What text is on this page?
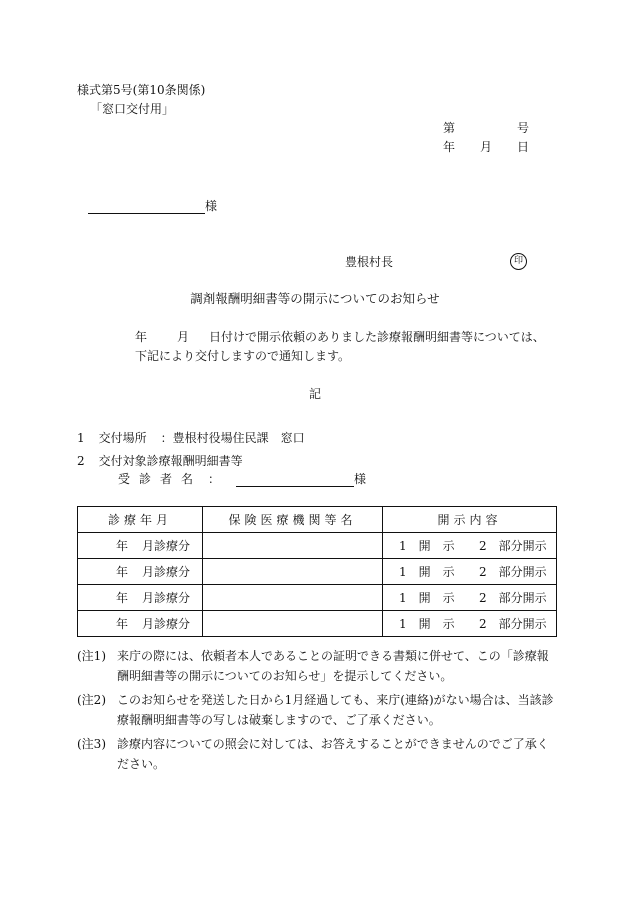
様式第5号(第10条関係)
「窓口交付用」
第	号
年 月 日
様
豊根村長	印
調剤報酬明細書等の開示についてのお知らせ
年	月 日付けで開示依頼のありました診療報酬明細書等については、下記により交付しますので通知します。
記
1 交付場所 ：豊根村役場住民課　窓口
2 交付対象診療報酬明細書等
受診者名 ：	様
診療年月	保険医療機関等名	開示内容
年 月診療分		1　開　示 2　部分開示
年 月診療分		1　開　示 2　部分開示
年 月診療分		1　開　示 2　部分開示
年 月診療分		1　開　示 2　部分開示
(注1) 来庁の際には、依頼者本人であることの証明できる書類に併せて、この「診療報酬明細書等の開示についてのお知らせ」を提示してください。
(注2) このお知らせを発送した日から1月経過しても、来庁(連絡)がない場合は、当該診療報酬明細書等の写しは破棄しますので、ご了承ください。
(注3) 診療内容についての照会に対しては、お答えすることができませんのでご了承ください。
